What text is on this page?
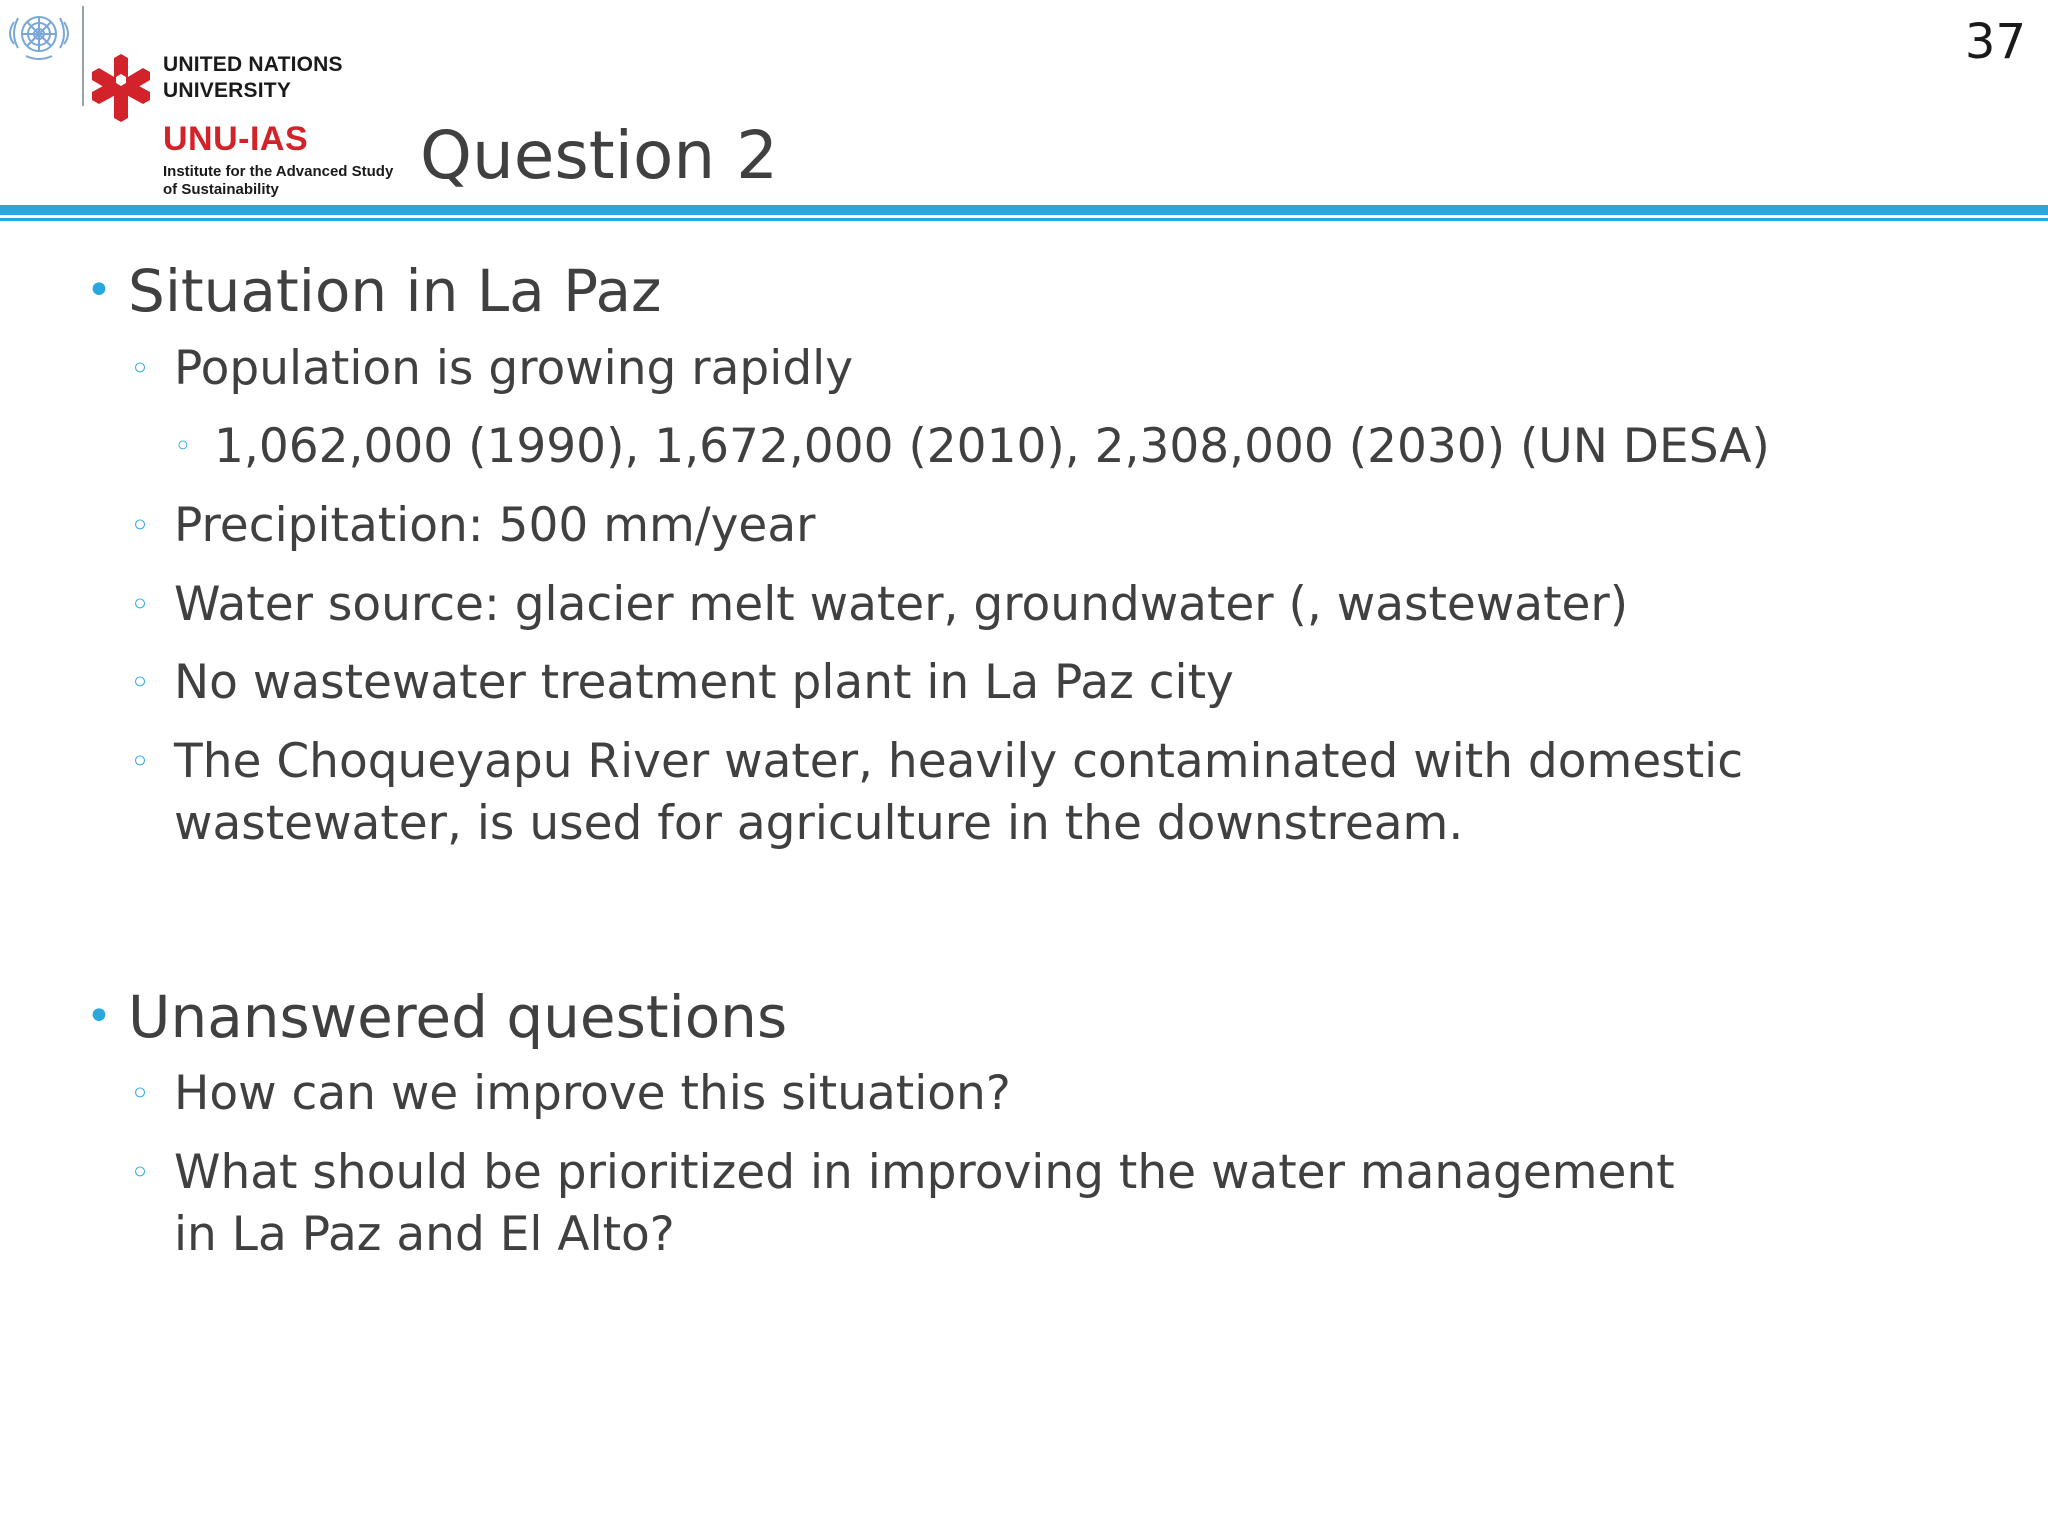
UNITED NATIONS
UNIVERSITY
UNU-IAS
Institute for the Advanced Study
of Sustainability	Question 2
37
• Situation in La Paz
◦ Population is growing rapidly
◦ 1,062,000 (1990), 1,672,000 (2010), 2,308,000 (2030) (UN DESA)
◦ Precipitation: 500 mm/year
◦ Water source: glacier melt water, groundwater (, wastewater)
◦ No wastewater treatment plant in La Paz city
◦ The Choqueyapu River water, heavily contaminated with domestic
wastewater, is used for agriculture in the downstream.
• Unanswered questions
◦ How can we improve this situation?
◦ What should be prioritized in improving the water management
in La Paz and El Alto?
